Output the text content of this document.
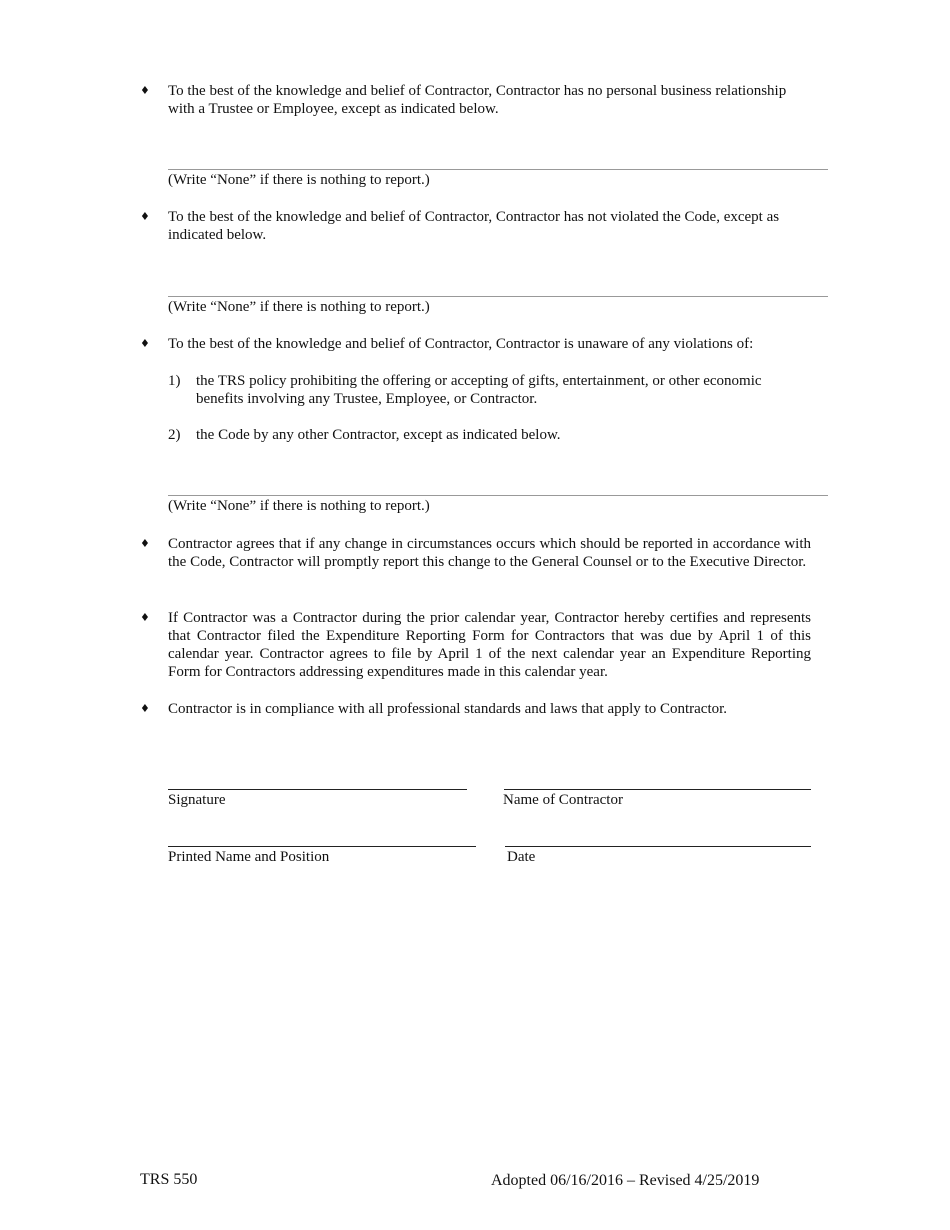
♦ To the best of the knowledge and belief of Contractor, Contractor has no personal business relationship with a Trustee or Employee, except as indicated below.
(Write “None” if there is nothing to report.)
♦ To the best of the knowledge and belief of Contractor, Contractor has not violated the Code, except as indicated below.
(Write “None” if there is nothing to report.)
♦ To the best of the knowledge and belief of Contractor, Contractor is unaware of any violations of:
1)	the TRS policy prohibiting the offering or accepting of gifts, entertainment, or other economic benefits involving any Trustee, Employee, or Contractor.
2)	the Code by any other Contractor, except as indicated below.
(Write “None” if there is nothing to report.)
♦ Contractor agrees that if any change in circumstances occurs which should be reported in accordance with the Code, Contractor will promptly report this change to the General Counsel or to the Executive Director.
♦ If Contractor was a Contractor during the prior calendar year, Contractor hereby certifies and represents that Contractor filed the Expenditure Reporting Form for Contractors that was due by April 1 of this calendar year. Contractor agrees to file by April 1 of the next calendar year an Expenditure Reporting Form for Contractors addressing expenditures made in this calendar year.
♦ Contractor is in compliance with all professional standards and laws that apply to Contractor.
Signature	Name of Contractor
Printed Name and Position	Date
TRS 550	Adopted 06/16/2016 – Revised 4/25/2019
